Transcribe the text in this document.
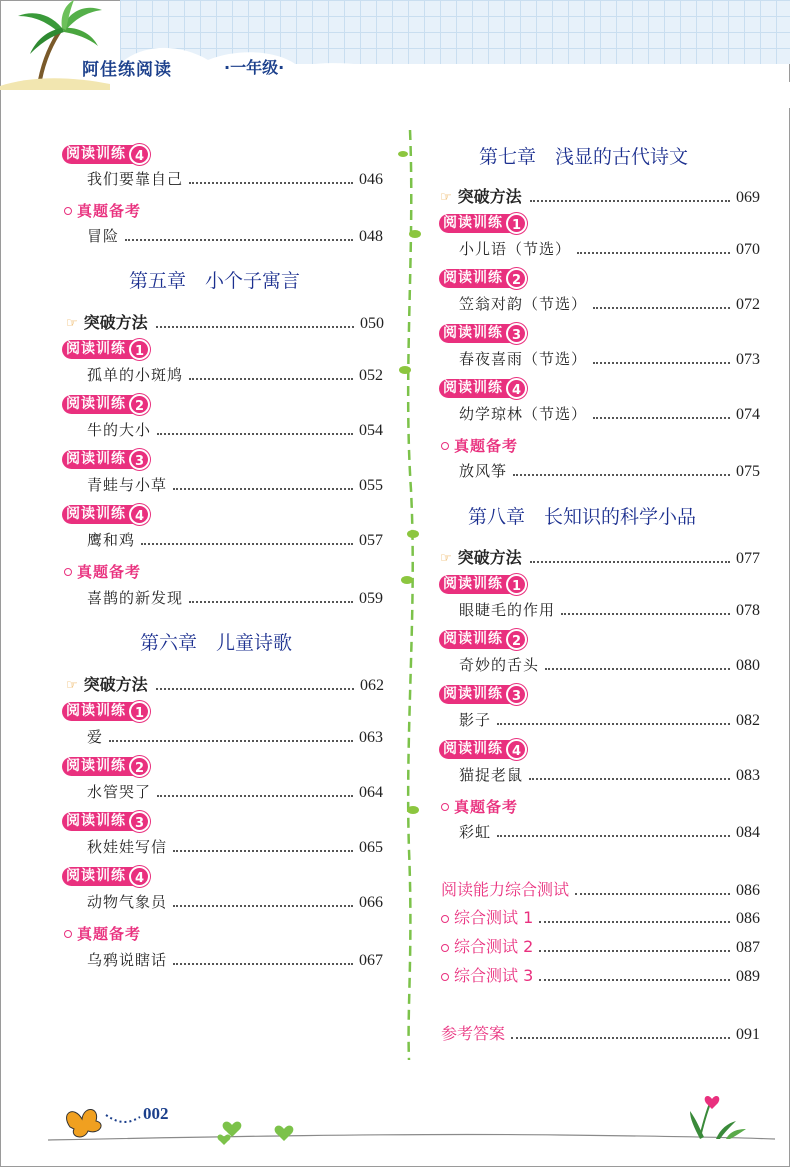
阿佳练阅读	·一年级·
阅读训练 4
我们要靠自己	046
真题备考
冒险	048
第五章　小个子寓言
☞ 突破方法	050
阅读训练 1
孤单的小斑鸠	052
阅读训练 2
牛的大小	054
阅读训练 3
青蛙与小草	055
阅读训练 4
鹰和鸡	057
真题备考
喜鹊的新发现	059
第六章　儿童诗歌
☞ 突破方法	062
阅读训练 1
爱	063
阅读训练 2
水管哭了	064
阅读训练 3
秋娃娃写信	065
阅读训练 4
动物气象员	066
真题备考
乌鸦说瞎话	067
第七章　浅显的古代诗文
☞ 突破方法	069
阅读训练 1
小儿语（节选）	070
阅读训练 2
笠翁对韵（节选）	072
阅读训练 3
春夜喜雨（节选）	073
阅读训练 4
幼学琼林（节选）	074
真题备考
放风筝	075
第八章　长知识的科学小品
☞ 突破方法	077
阅读训练 1
眼睫毛的作用	078
阅读训练 2
奇妙的舌头	080
阅读训练 3
影子	082
阅读训练 4
猫捉老鼠	083
真题备考
彩虹	084
阅读能力综合测试	086
综合测试 1	086
综合测试 2	087
综合测试 3	089
参考答案	091
002
